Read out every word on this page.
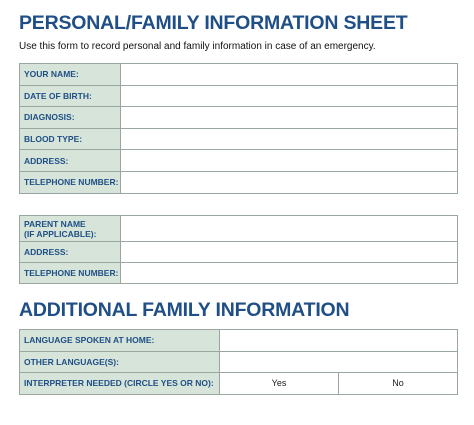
PERSONAL/FAMILY INFORMATION SHEET

Use this form to record personal and family information in case of an emergency.

YOUR NAME:	
DATE OF BIRTH:	
DIAGNOSIS:	
BLOOD TYPE:	
ADDRESS:	
TELEPHONE NUMBER:	
PARENT NAME
(IF APPLICABLE):	

ADDRESS:	
TELEPHONE NUMBER:	
ADDITIONAL FAMILY INFORMATION
LANGUAGE SPOKEN AT HOME:		
OTHER LANGUAGE(S):		
INTERPRETER NEEDED (CIRCLE YES OR NO):	Yes	No
